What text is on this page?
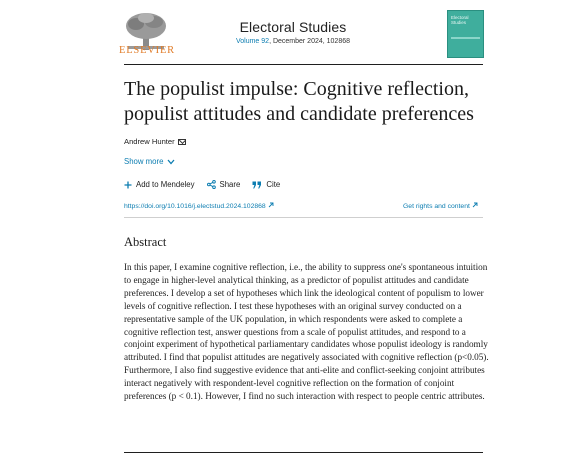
ELSEVIER
Electoral Studies
Volume 92, December 2024, 102868
Electoral Studies
The populist impulse: Cognitive reflection, populist attitudes and candidate preferences
Andrew Hunter
Show more
Add to Mendeley	Share	Cite
https://doi.org/10.1016/j.electstud.2024.102868	Get rights and content
Abstract

In this paper, I examine cognitive reflection, i.e., the ability to suppress one's spontaneous intuition to engage in higher-level analytical thinking, as a predictor of populist attitudes and candidate preferences. I develop a set of hypotheses which link the ideological content of populism to lower levels of cognitive reflection. I test these hypotheses with an original survey conducted on a representative sample of the UK population, in which respondents were asked to complete a cognitive reflection test, answer questions from a scale of populist attitudes, and respond to a conjoint experiment of hypothetical parliamentary candidates whose populist ideology is randomly attributed. I find that populist attitudes are negatively associated with cognitive reflection (p<0.05). Furthermore, I also find suggestive evidence that anti-elite and conflict-seeking conjoint attributes interact negatively with respondent-level cognitive reflection on the formation of conjoint preferences (p < 0.1). However, I find no such interaction with respect to people centric attributes.
